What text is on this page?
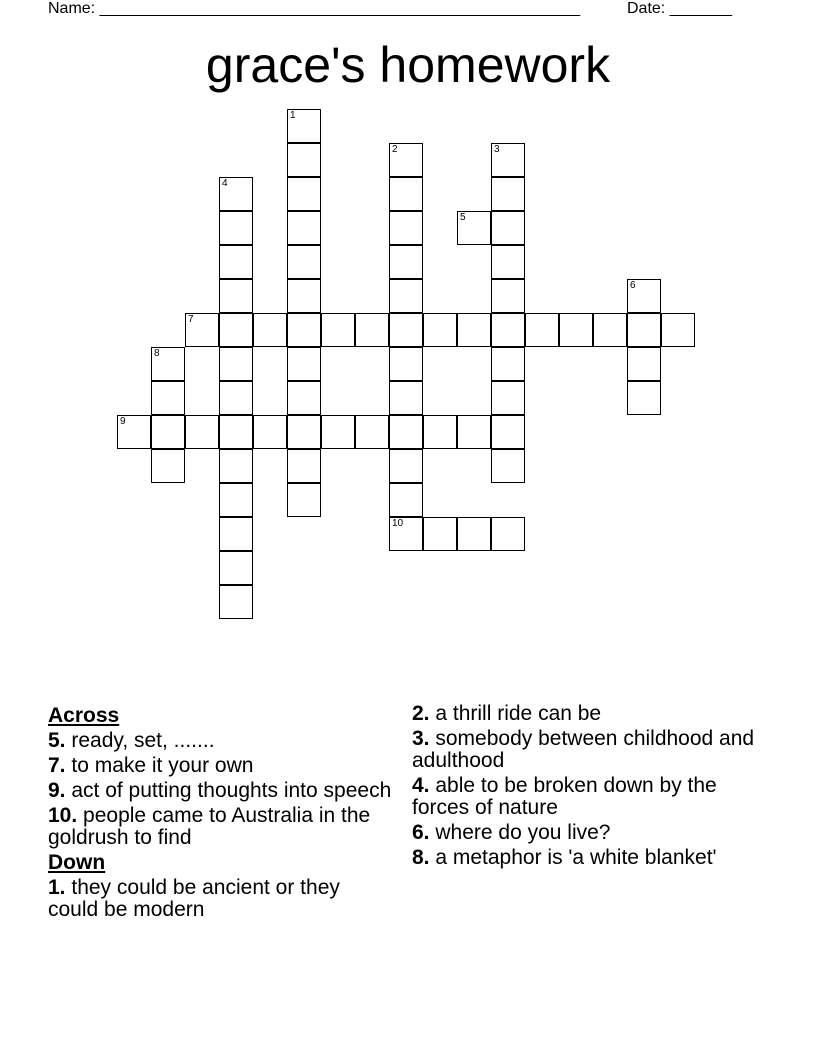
Name: ______________________________________________________	Date: _______
grace's homework
1
2
10
3
4
5
6
7
8
9
Across
5. ready, set, .......
7. to make it your own
9. act of putting thoughts into speech
10. people came to Australia in the goldrush to find
Down
1. they could be ancient or they could be modern
2. a thrill ride can be
3. somebody between childhood and adulthood
4. able to be broken down by the forces of nature
6. where do you live?
8. a metaphor is 'a white blanket'
